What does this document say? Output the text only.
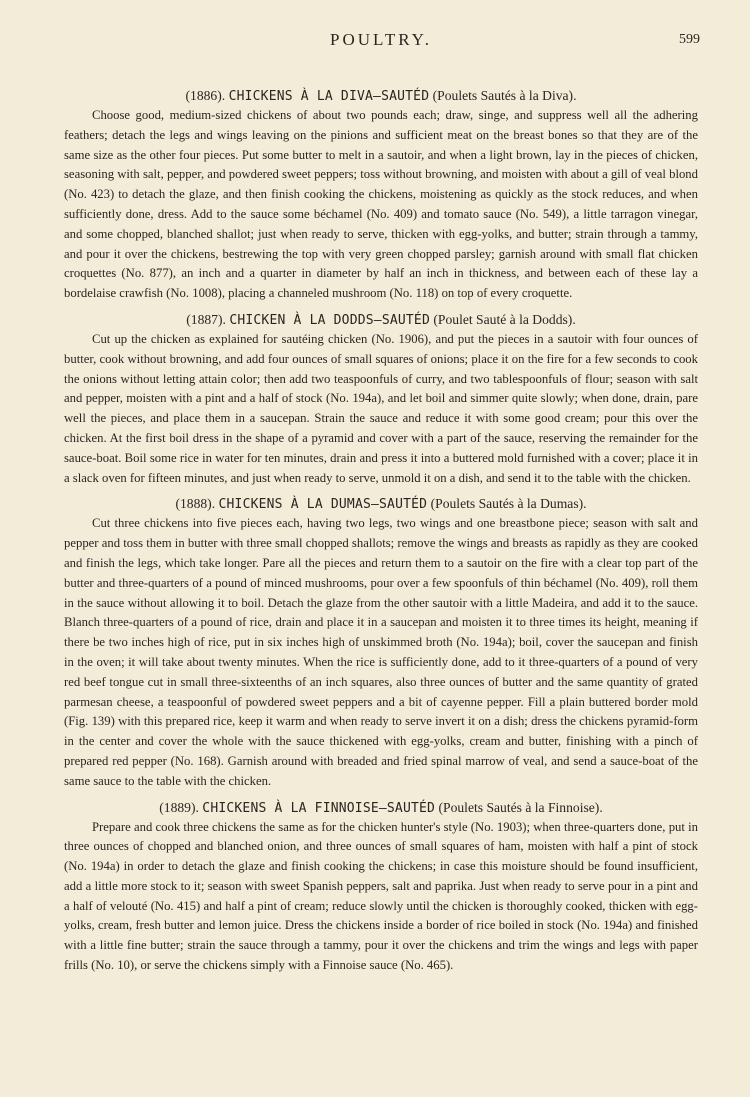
POULTRY.	599
(1886). CHICKENS À LA DIVA—SAUTÉD (Poulets Sautés à la Diva).

Choose good, medium-sized chickens of about two pounds each; draw, singe, and suppress well all the adhering feathers; detach the legs and wings leaving on the pinions and sufficient meat on the breast bones so that they are of the same size as the other four pieces. Put some butter to melt in a sautoir, and when a light brown, lay in the pieces of chicken, seasoning with salt, pepper, and powdered sweet peppers; toss without browning, and moisten with about a gill of veal blond (No. 423) to detach the glaze, and then finish cooking the chickens, moistening as quickly as the stock reduces, and when sufficiently done, dress. Add to the sauce some béchamel (No. 409) and tomato sauce (No. 549), a little tarragon vinegar, and some chopped, blanched shallot; just when ready to serve, thicken with egg-yolks, and butter; strain through a tammy, and pour it over the chickens, bestrewing the top with very green chopped parsley; garnish around with small flat chicken croquettes (No. 877), an inch and a quarter in diameter by half an inch in thickness, and between each of these lay a bordelaise crawfish (No. 1008), placing a channeled mushroom (No. 118) on top of every croquette.

(1887). CHICKEN À LA DODDS—SAUTÉD (Poulet Sauté à la Dodds).

Cut up the chicken as explained for sautéing chicken (No. 1906), and put the pieces in a sautoir with four ounces of butter, cook without browning, and add four ounces of small squares of onions; place it on the fire for a few seconds to cook the onions without letting attain color; then add two teaspoonfuls of curry, and two tablespoonfuls of flour; season with salt and pepper, moisten with a pint and a half of stock (No. 194a), and let boil and simmer quite slowly; when done, drain, pare well the pieces, and place them in a saucepan. Strain the sauce and reduce it with some good cream; pour this over the chicken. At the first boil dress in the shape of a pyramid and cover with a part of the sauce, reserving the remainder for the sauce-boat. Boil some rice in water for ten minutes, drain and press it into a buttered mold furnished with a cover; place it in a slack oven for fifteen minutes, and just when ready to serve, unmold it on a dish, and send it to the table with the chicken.

(1888). CHICKENS À LA DUMAS—SAUTÉD (Poulets Sautés à la Dumas).

Cut three chickens into five pieces each, having two legs, two wings and one breastbone piece; season with salt and pepper and toss them in butter with three small chopped shallots; remove the wings and breasts as rapidly as they are cooked and finish the legs, which take longer. Pare all the pieces and return them to a sautoir on the fire with a clear top part of the butter and three-quarters of a pound of minced mushrooms, pour over a few spoonfuls of thin béchamel (No. 409), roll them in the sauce without allowing it to boil. Detach the glaze from the other sautoir with a little Madeira, and add it to the sauce. Blanch three-quarters of a pound of rice, drain and place it in a saucepan and moisten it to three times its height, meaning if there be two inches high of rice, put in six inches high of unskimmed broth (No. 194a); boil, cover the saucepan and finish in the oven; it will take about twenty minutes. When the rice is sufficiently done, add to it three-quarters of a pound of very red beef tongue cut in small three-sixteenths of an inch squares, also three ounces of butter and the same quantity of grated parmesan cheese, a teaspoonful of powdered sweet peppers and a bit of cayenne pepper. Fill a plain buttered border mold (Fig. 139) with this prepared rice, keep it warm and when ready to serve invert it on a dish; dress the chickens pyramid-form in the center and cover the whole with the sauce thickened with egg-yolks, cream and butter, finishing with a pinch of prepared red pepper (No. 168). Garnish around with breaded and fried spinal marrow of veal, and send a sauce-boat of the same sauce to the table with the chicken.

(1889). CHICKENS À LA FINNOISE—SAUTÉD (Poulets Sautés à la Finnoise).

Prepare and cook three chickens the same as for the chicken hunter's style (No. 1903); when three-quarters done, put in three ounces of chopped and blanched onion, and three ounces of small squares of ham, moisten with half a pint of stock (No. 194a) in order to detach the glaze and finish cooking the chickens; in case this moisture should be found insufficient, add a little more stock to it; season with sweet Spanish peppers, salt and paprika. Just when ready to serve pour in a pint and a half of velouté (No. 415) and half a pint of cream; reduce slowly until the chicken is thoroughly cooked, thicken with egg-yolks, cream, fresh butter and lemon juice. Dress the chickens inside a border of rice boiled in stock (No. 194a) and finished with a little fine butter; strain the sauce through a tammy, pour it over the chickens and trim the wings and legs with paper frills (No. 10), or serve the chickens simply with a Finnoise sauce (No. 465).
